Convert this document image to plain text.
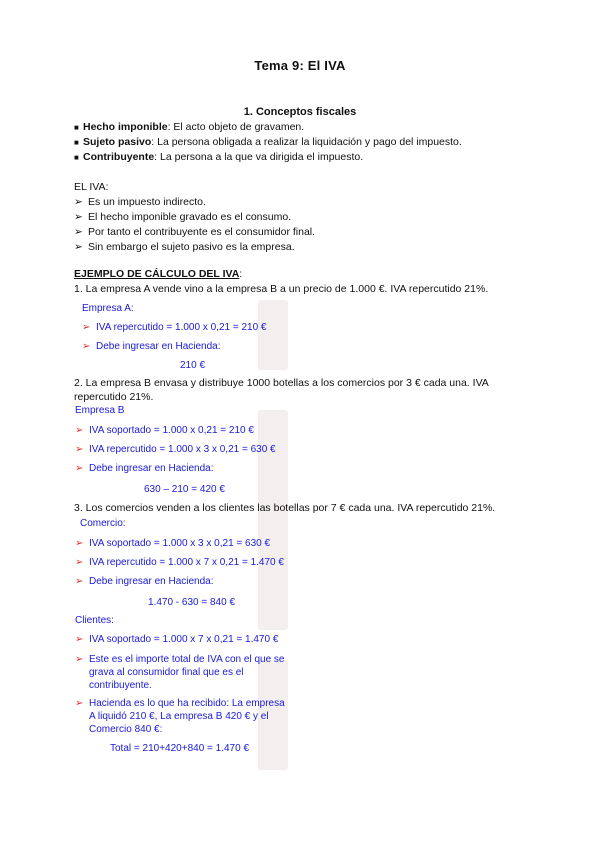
Tema 9: El IVA
1. Conceptos fiscales
■ Hecho imponible: El acto objeto de gravamen.
■ Sujeto pasivo: La persona obligada a realizar la liquidación y pago del impuesto.
■ Contribuyente: La persona a la que va dirigida el impuesto.
EL IVA:
➢ Es un impuesto indirecto.
➢ El hecho imponible gravado es el consumo.
➢ Por tanto el contribuyente es el consumidor final.
➢ Sin embargo el sujeto pasivo es la empresa.
EJEMPLO DE CÁLCULO DEL IVA:
1. La empresa A vende vino a la empresa B a un precio de 1.000 €. IVA repercutido 21%.
Empresa A:
➢ IVA repercutido = 1.000 x 0,21 = 210 €
➢ Debe ingresar en Hacienda:
210 €
2. La empresa B envasa y distribuye 1000 botellas a los comercios por 3 € cada una. IVA
repercutido 21%.
Empresa B
➢ IVA soportado = 1.000 x 0,21 = 210 €
➢ IVA repercutido = 1.000 x 3 x 0,21 = 630 €
➢ Debe ingresar en Hacienda:
630 – 210 = 420 €
3. Los comercios venden a los clientes las botellas por 7 € cada una. IVA repercutido 21%.
Comercio:
➢ IVA soportado = 1.000 x 3 x 0,21 = 630 €
➢ IVA repercutido = 1.000 x 7 x 0,21 = 1.470 €
➢ Debe ingresar en Hacienda:
1.470 - 630 = 840 €
Clientes:
➢ IVA soportado = 1.000 x 7 x 0,21 = 1.470 €
➢ Este es el importe total de IVA con el que se
grava al consumidor final que es el
contribuyente.
➢ Hacienda es lo que ha recibido: La empresa
A liquidó 210 €, La empresa B 420 € y el
Comercio 840 €:
Total = 210+420+840 = 1.470 €
